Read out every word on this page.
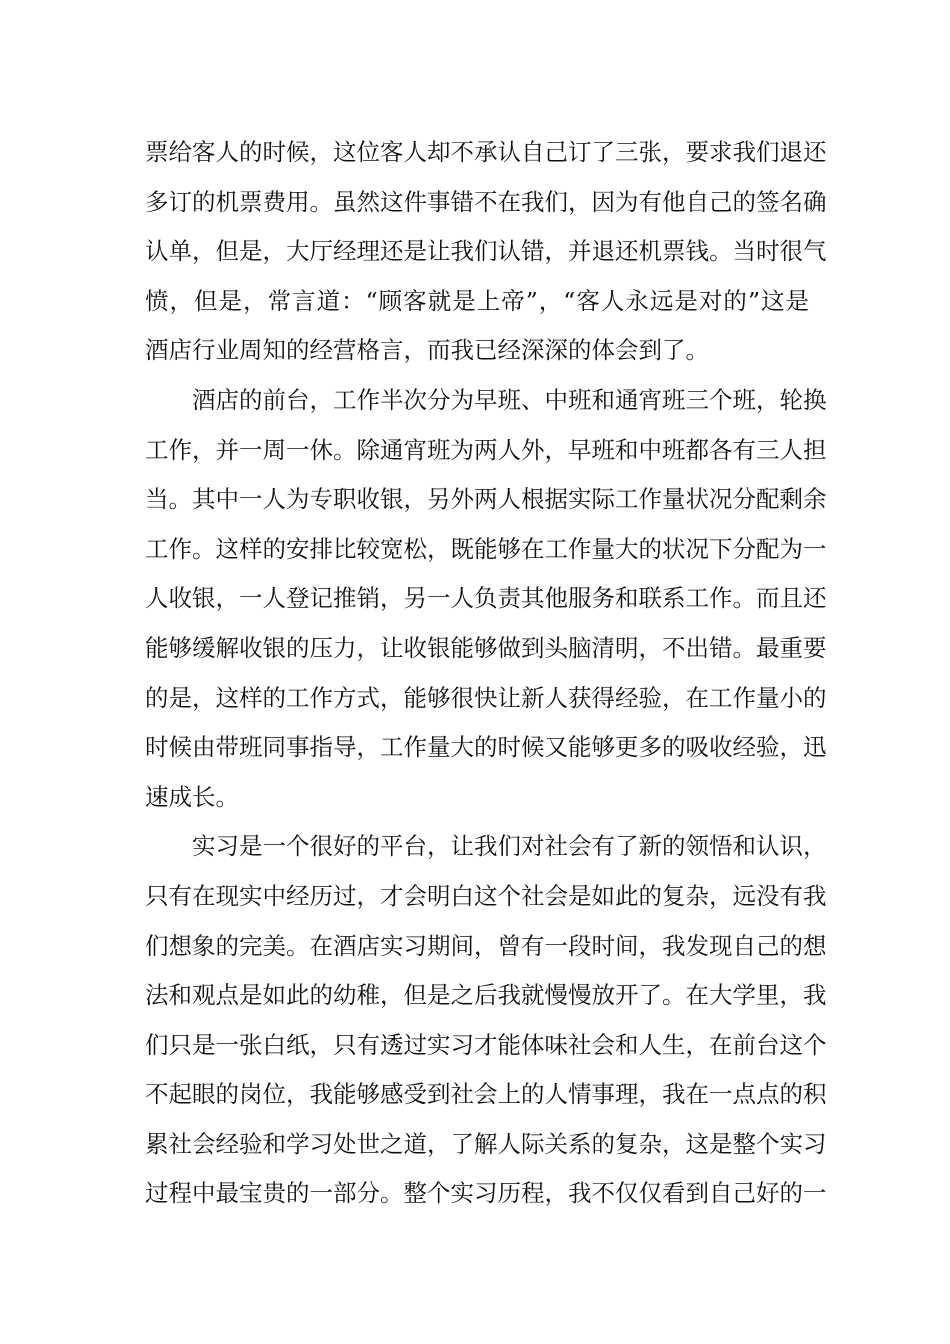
票给客人的时候，这位客人却不承认自己订了三张，要求我们退还
多订的机票费用。虽然这件事错不在我们，因为有他自己的签名确
认单，但是，大厅经理还是让我们认错，并退还机票钱。当时很气
愤，但是，常言道：“顾客就是上帝”，“客人永远是对的”这是
酒店行业周知的经营格言，而我已经深深的体会到了。
酒店的前台，工作半次分为早班、中班和通宵班三个班，轮换
工作，并一周一休。除通宵班为两人外，早班和中班都各有三人担
当。其中一人为专职收银，另外两人根据实际工作量状况分配剩余
工作。这样的安排比较宽松，既能够在工作量大的状况下分配为一
人收银，一人登记推销，另一人负责其他服务和联系工作。而且还
能够缓解收银的压力，让收银能够做到头脑清明，不出错。最重要
的是，这样的工作方式，能够很快让新人获得经验，在工作量小的
时候由带班同事指导，工作量大的时候又能够更多的吸收经验，迅
速成长。
实习是一个很好的平台，让我们对社会有了新的领悟和认识，
只有在现实中经历过，才会明白这个社会是如此的复杂，远没有我
们想象的完美。在酒店实习期间，曾有一段时间，我发现自己的想
法和观点是如此的幼稚，但是之后我就慢慢放开了。在大学里，我
们只是一张白纸，只有透过实习才能体味社会和人生，在前台这个
不起眼的岗位，我能够感受到社会上的人情事理，我在一点点的积
累社会经验和学习处世之道，了解人际关系的复杂，这是整个实习
过程中最宝贵的一部分。整个实习历程，我不仅仅看到自己好的一
